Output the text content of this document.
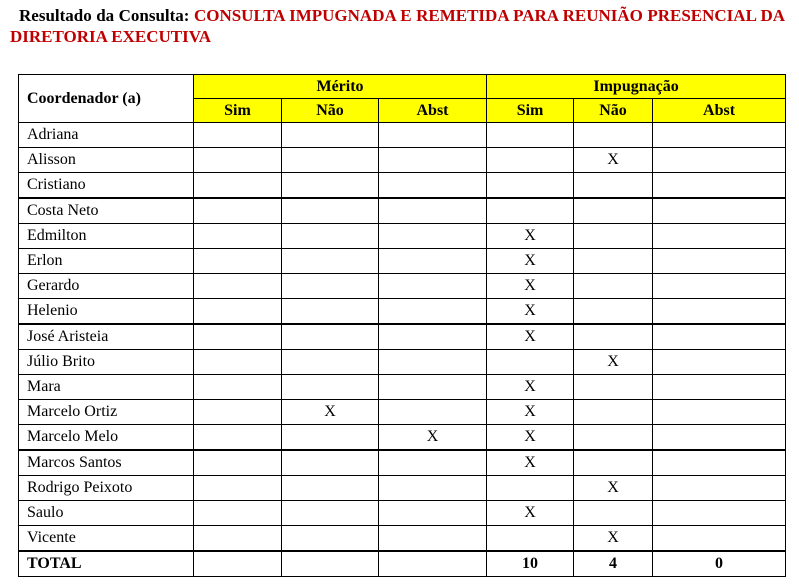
Resultado da Consulta: CONSULTA IMPUGNADA E REMETIDA PARA REUNIÃO PRESENCIAL DA DIRETORIA EXECUTIVA
Coordenador (a)	Mérito			Impugnação		
	Sim	Não	Abst	Sim	Não	Abst
Adriana						
Alisson					X	
Cristiano						
Costa Neto						
Edmilton				X		
Erlon				X		
Gerardo				X		
Helenio				X		
José Aristeia				X		
Júlio Brito					X	
Mara				X		
Marcelo Ortiz		X		X		
Marcelo Melo			X	X		
Marcos Santos				X		
Rodrigo Peixoto					X	
Saulo				X		
Vicente					X	
TOTAL				10	4	0
